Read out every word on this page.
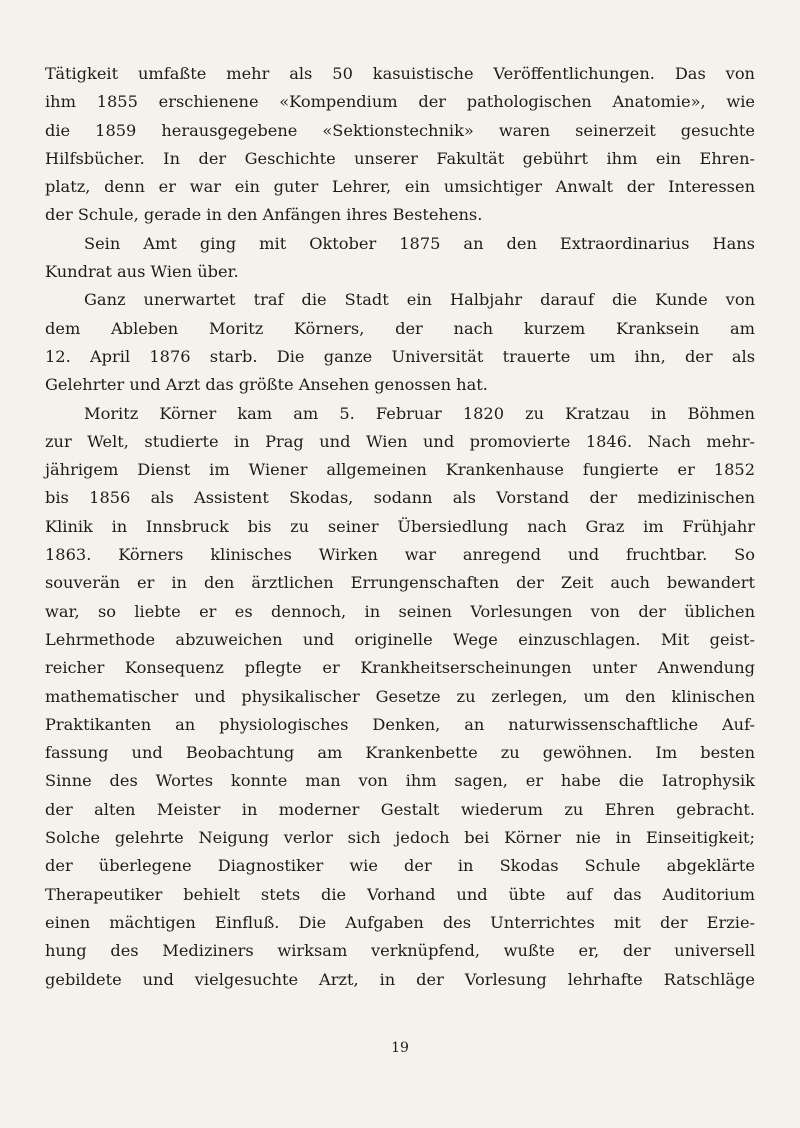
Tätigkeit umfaßte mehr als 50 kasuistische Veröffentlichungen. Das von
ihm 1855 erschienene «Kompendium der pathologischen Anatomie», wie
die 1859 herausgegebene «Sektionstechnik» waren seinerzeit gesuchte
Hilfsbücher. In der Geschichte unserer Fakultät gebührt ihm ein Ehren-
platz, denn er war ein guter Lehrer, ein umsichtiger Anwalt der Interessen
der Schule, gerade in den Anfängen ihres Bestehens.
Sein Amt ging mit Oktober 1875 an den Extraordinarius Hans
Kundrat aus Wien über.
Ganz unerwartet traf die Stadt ein Halbjahr darauf die Kunde von
dem Ableben Moritz Körners, der nach kurzem Kranksein am
12. April 1876 starb. Die ganze Universität trauerte um ihn, der als
Gelehrter und Arzt das größte Ansehen genossen hat.
Moritz Körner kam am 5. Februar 1820 zu Kratzau in Böhmen
zur Welt, studierte in Prag und Wien und promovierte 1846. Nach mehr-
jährigem Dienst im Wiener allgemeinen Krankenhause fungierte er 1852
bis 1856 als Assistent Skodas, sodann als Vorstand der medizinischen
Klinik in Innsbruck bis zu seiner Übersiedlung nach Graz im Frühjahr
1863. Körners klinisches Wirken war anregend und fruchtbar. So
souverän er in den ärztlichen Errungenschaften der Zeit auch bewandert
war, so liebte er es dennoch, in seinen Vorlesungen von der üblichen
Lehrmethode abzuweichen und originelle Wege einzuschlagen. Mit geist-
reicher Konsequenz pflegte er Krankheitserscheinungen unter Anwendung
mathematischer und physikalischer Gesetze zu zerlegen, um den klinischen
Praktikanten an physiologisches Denken, an naturwissenschaftliche Auf-
fassung und Beobachtung am Krankenbette zu gewöhnen. Im besten
Sinne des Wortes konnte man von ihm sagen, er habe die Iatrophysik
der alten Meister in moderner Gestalt wiederum zu Ehren gebracht.
Solche gelehrte Neigung verlor sich jedoch bei Körner nie in Einseitigkeit;
der überlegene Diagnostiker wie der in Skodas Schule abgeklärte
Therapeutiker behielt stets die Vorhand und übte auf das Auditorium
einen mächtigen Einfluß. Die Aufgaben des Unterrichtes mit der Erzie-
hung des Mediziners wirksam verknüpfend, wußte er, der universell
gebildete und vielgesuchte Arzt, in der Vorlesung lehrhafte Ratschläge
19
